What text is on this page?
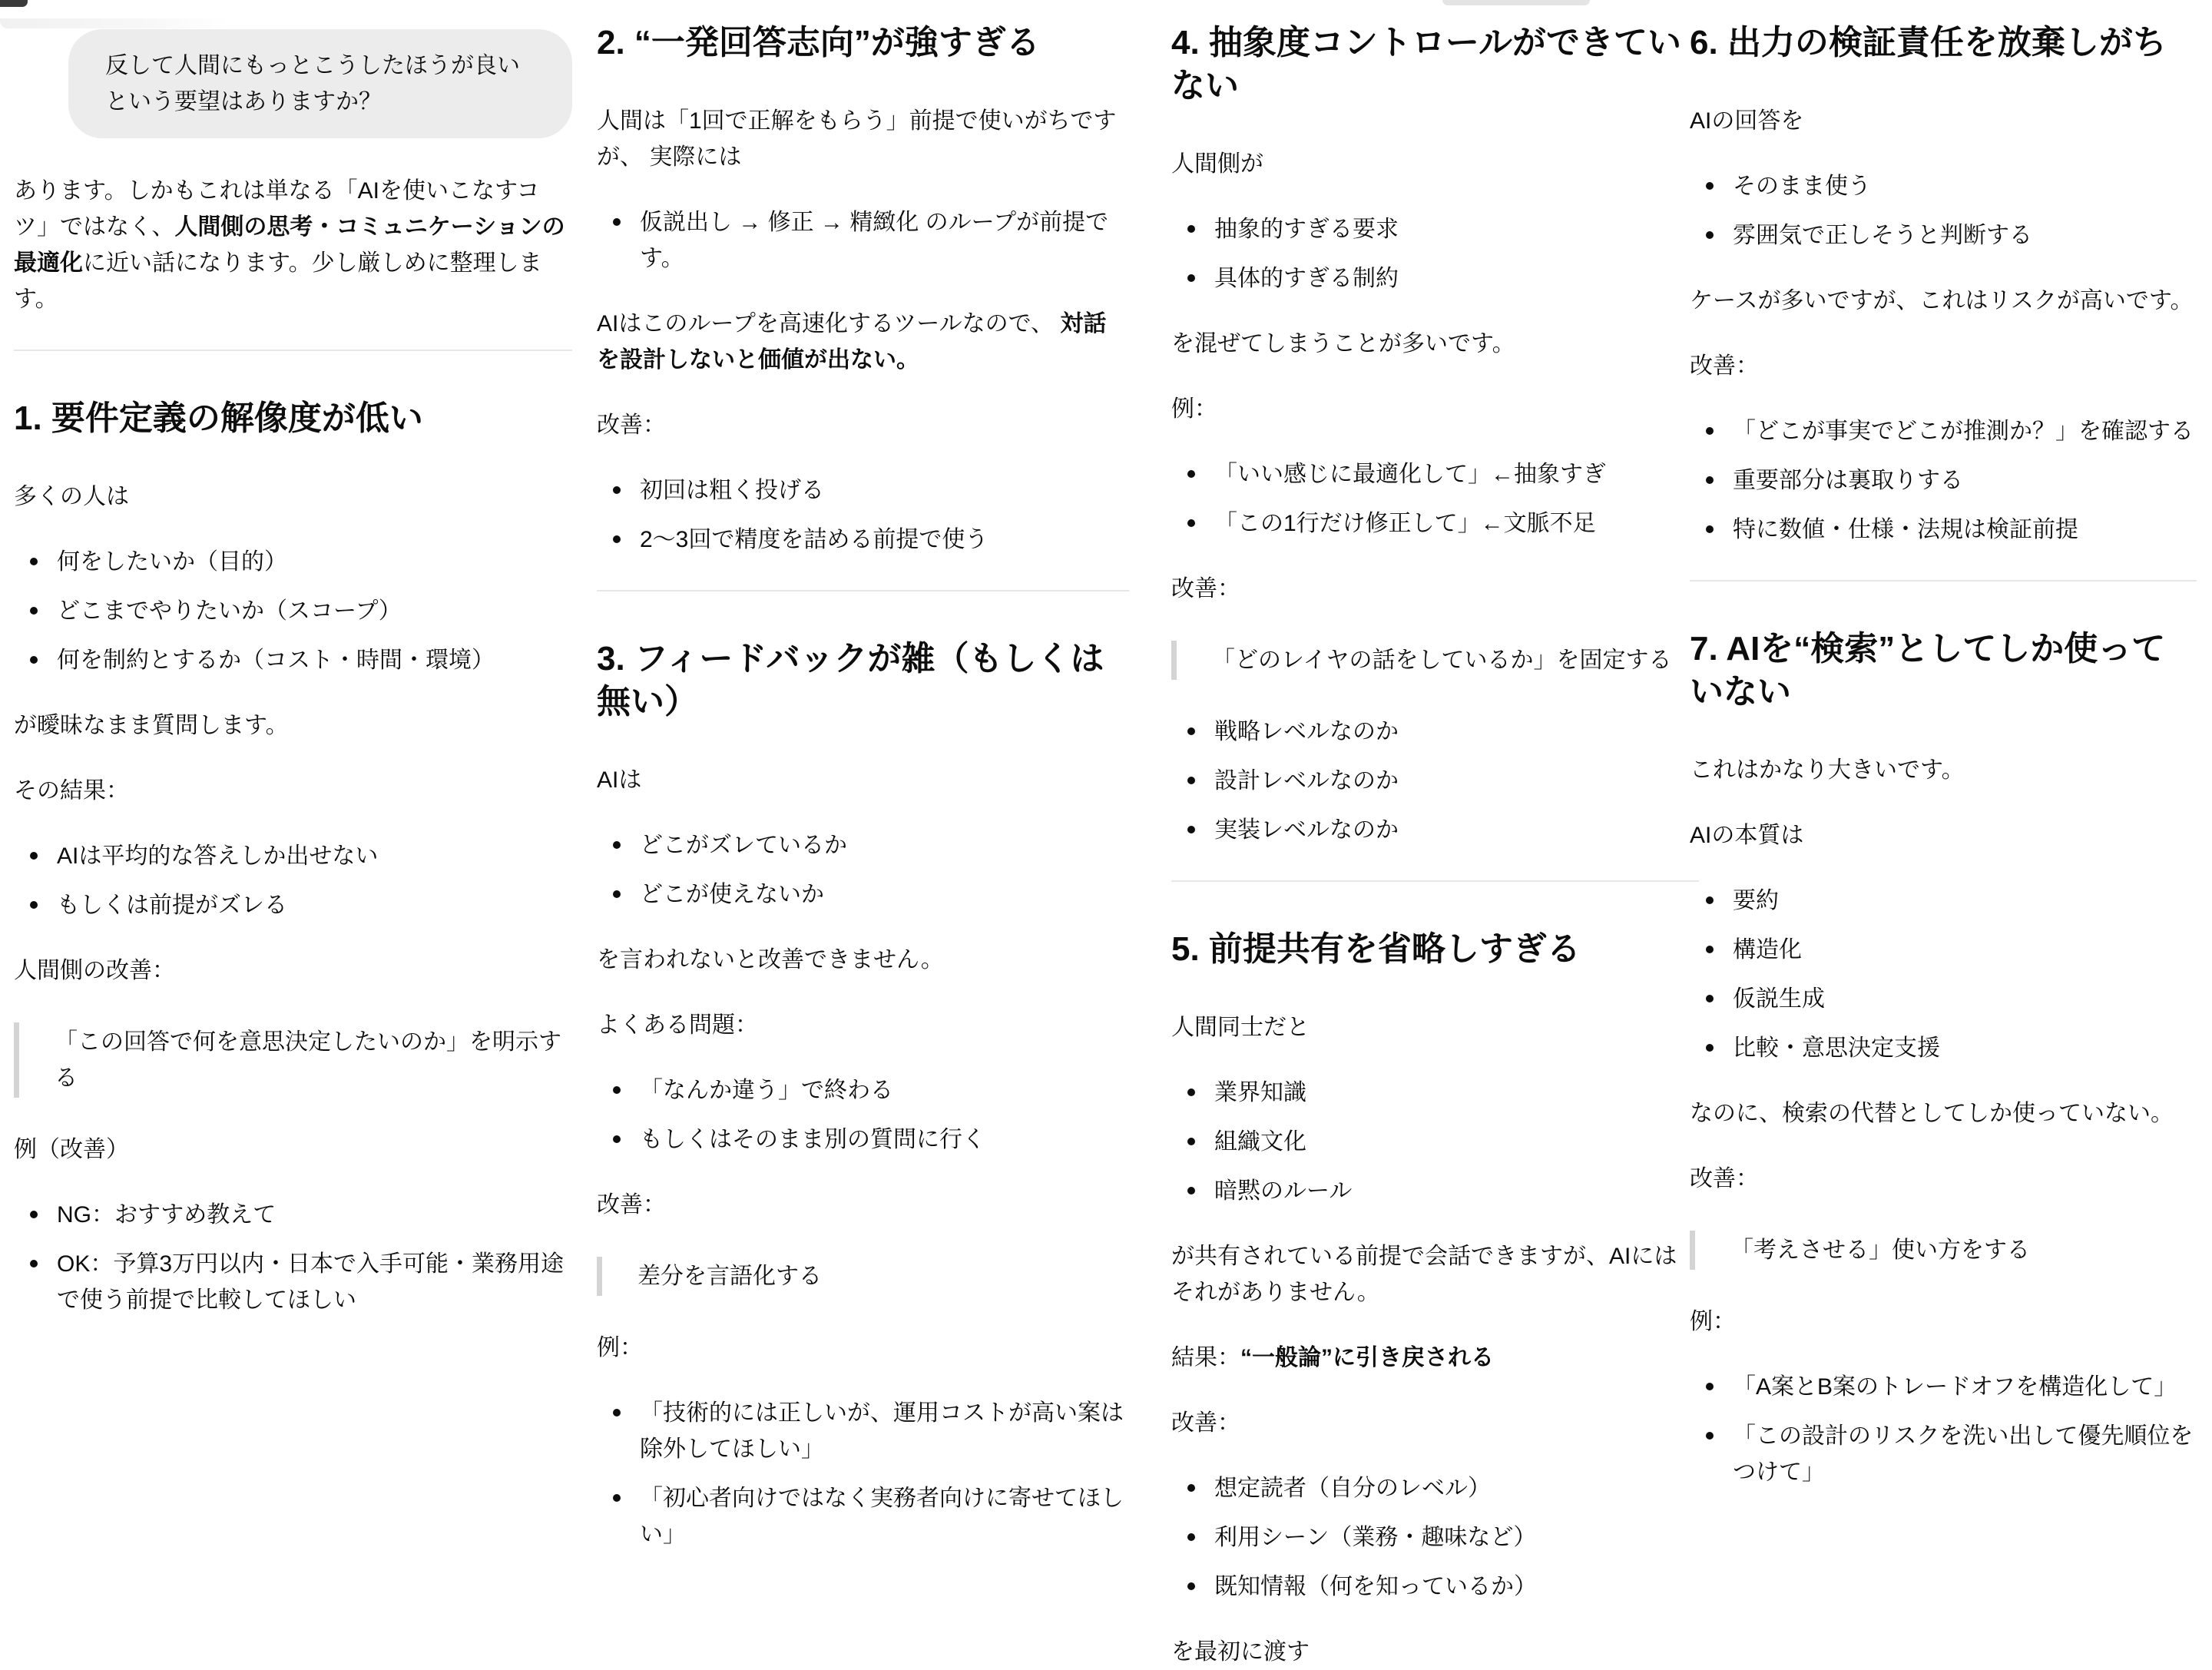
反して人間にもっとこうしたほうが良いという要望はありますか？

あります。しかもこれは単なる「AIを使いこなすコツ」ではなく、人間側の思考・コミュニケーションの最適化に近い話になります。少し厳しめに整理します。

1. 要件定義の解像度が低い

多くの人は

何をしたいか（目的）
どこまでやりたいか（スコープ）
何を制約とするか（コスト・時間・環境）

が曖昧なまま質問します。

その結果：

AIは平均的な答えしか出せない
もしくは前提がズレる

人間側の改善：

「この回答で何を意思決定したいのか」を明示する

例（改善）

NG：おすすめ教えて
OK：予算3万円以内・日本で入手可能・業務用途で使う前提で比較してほしい
2. “一発回答志向”が強すぎる

人間は「1回で正解をもらう」前提で使いがちですが、 実際には

仮説出し → 修正 → 精緻化 のループが前提です。

AIはこのループを高速化するツールなので、 対話を設計しないと価値が出ない。

改善：

初回は粗く投げる
2〜3回で精度を詰める前提で使う
3. フィードバックが雑（もしくは無い）

AIは

どこがズレているか
どこが使えないか

を言われないと改善できません。

よくある問題：

「なんか違う」で終わる
もしくはそのまま別の質問に行く

改善：

差分を言語化する

例：

「技術的には正しいが、運用コストが高い案は除外してほしい」
「初心者向けではなく実務者向けに寄せてほしい」
4. 抽象度コントロールができていない

人間側が

抽象的すぎる要求
具体的すぎる制約

を混ぜてしまうことが多いです。

例：

「いい感じに最適化して」←抽象すぎ
「この1行だけ修正して」←文脈不足

改善：

「どのレイヤの話をしているか」を固定する

戦略レベルなのか
設計レベルなのか
実装レベルなのか
5. 前提共有を省略しすぎる

人間同士だと

業界知識
組織文化
暗黙のルール

が共有されている前提で会話できますが、AIにはそれがありません。

結果：“一般論”に引き戻される

改善：

想定読者（自分のレベル）
利用シーン（業務・趣味など）
既知情報（何を知っているか）

を最初に渡す

6. 出力の検証責任を放棄しがち

AIの回答を

そのまま使う
雰囲気で正しそうと判断する

ケースが多いですが、これはリスクが高いです。

改善：

「どこが事実でどこが推測か？」を確認する
重要部分は裏取りする
特に数値・仕様・法規は検証前提
7. AIを“検索”としてしか使っていない

これはかなり大きいです。

AIの本質は

要約
構造化
仮説生成
比較・意思決定支援

なのに、検索の代替としてしか使っていない。

改善：

「考えさせる」使い方をする

例：

「A案とB案のトレードオフを構造化して」
「この設計のリスクを洗い出して優先順位をつけて」
